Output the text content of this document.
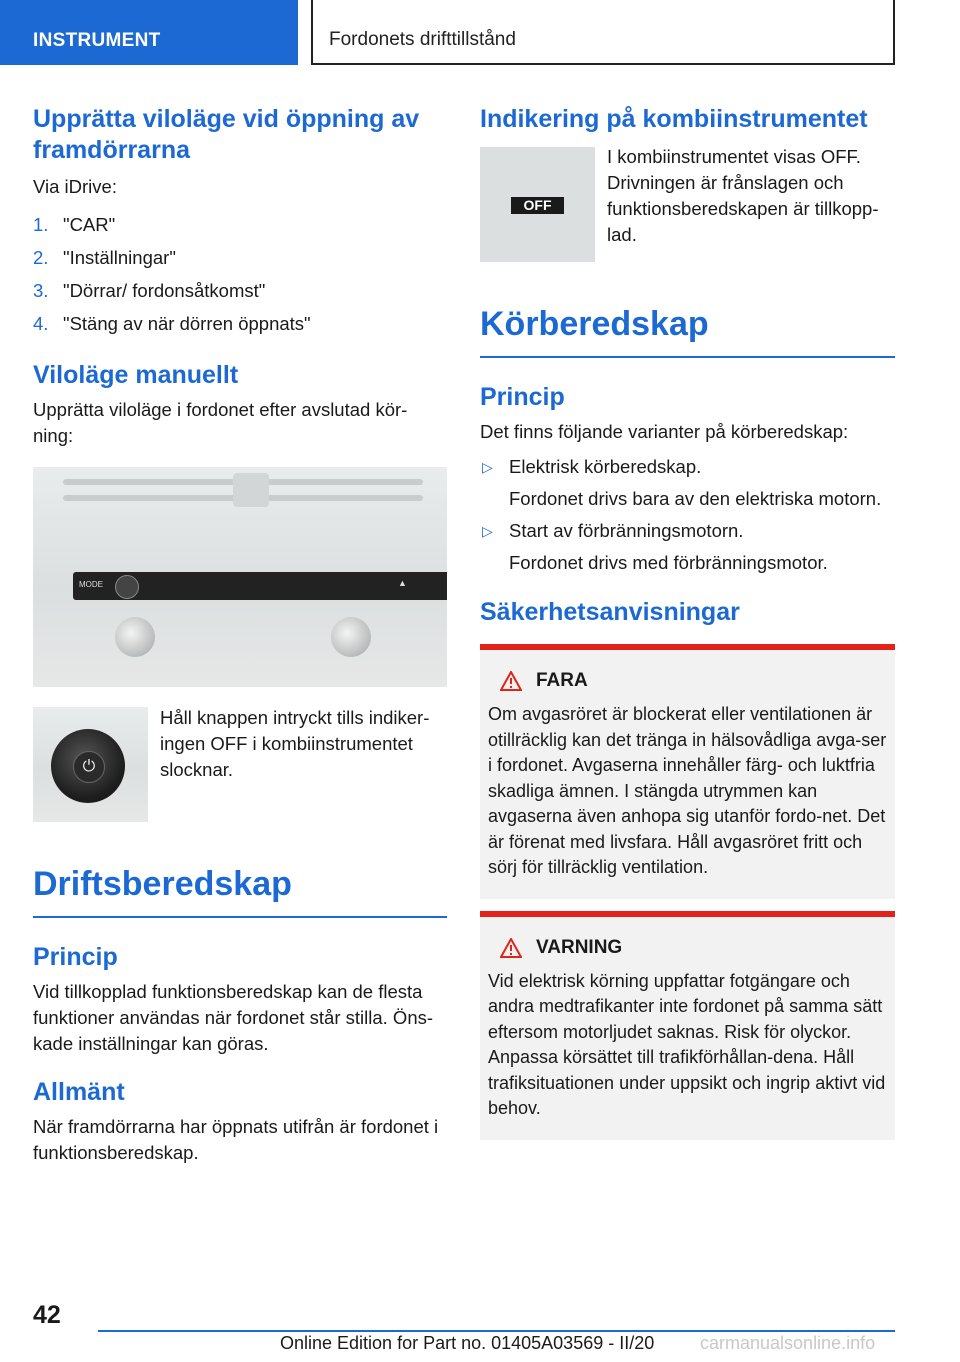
INSTRUMENT	Fordonets drifttillstånd
Upprätta viloläge vid öppning av framdörrarna

Via iDrive:

1. "CAR"
2. "Inställningar"
3. "Dörrar/ fordonsåtkomst"
4. "Stäng av när dörren öppnats"
Viloläge manuellt

Upprätta viloläge i fordonet efter avslutad kör-ning:

MODE	▲
⏻

Håll knappen intryckt tills indiker-ingen OFF i kombiinstrumentet slocknar.

Driftsberedskap
Princip

Vid tillkopplad funktionsberedskap kan de flesta funktioner användas när fordonet står stilla. Öns-kade inställningar kan göras.

Allmänt

När framdörrarna har öppnats utifrån är fordonet i funktionsberedskap.

Indikering på kombiinstrumentet
OFF

I kombiinstrumentet visas OFF. Drivningen är frånslagen och funktionsberedskapen är tillkopp-lad.

Körberedskap
Princip

Det finns följande varianter på körberedskap:

▷ Elektrisk körberedskap.
Fordonet drivs bara av den elektriska motorn.
▷ Start av förbränningsmotorn.
Fordonet drivs med förbränningsmotor.
Säkerhetsanvisningar
FARA

Om avgasröret är blockerat eller ventilationen är otillräcklig kan det tränga in hälsovådliga avga-ser i fordonet. Avgaserna innehåller färg- och luktfria skadliga ämnen. I stängda utrymmen kan avgaserna även anhopa sig utanför fordo-net. Det är förenat med livsfara. Håll avgasröret fritt och sörj för tillräcklig ventilation.

VARNING

Vid elektrisk körning uppfattar fotgängare och andra medtrafikanter inte fordonet på samma sätt eftersom motorljudet saknas. Risk för olyckor. Anpassa körsättet till trafikförhållan-dena. Håll trafiksituationen under uppsikt och ingrip aktivt vid behov.

42
Online Edition for Part no. 01405A03569 - II/20	carmanualsonline.info
